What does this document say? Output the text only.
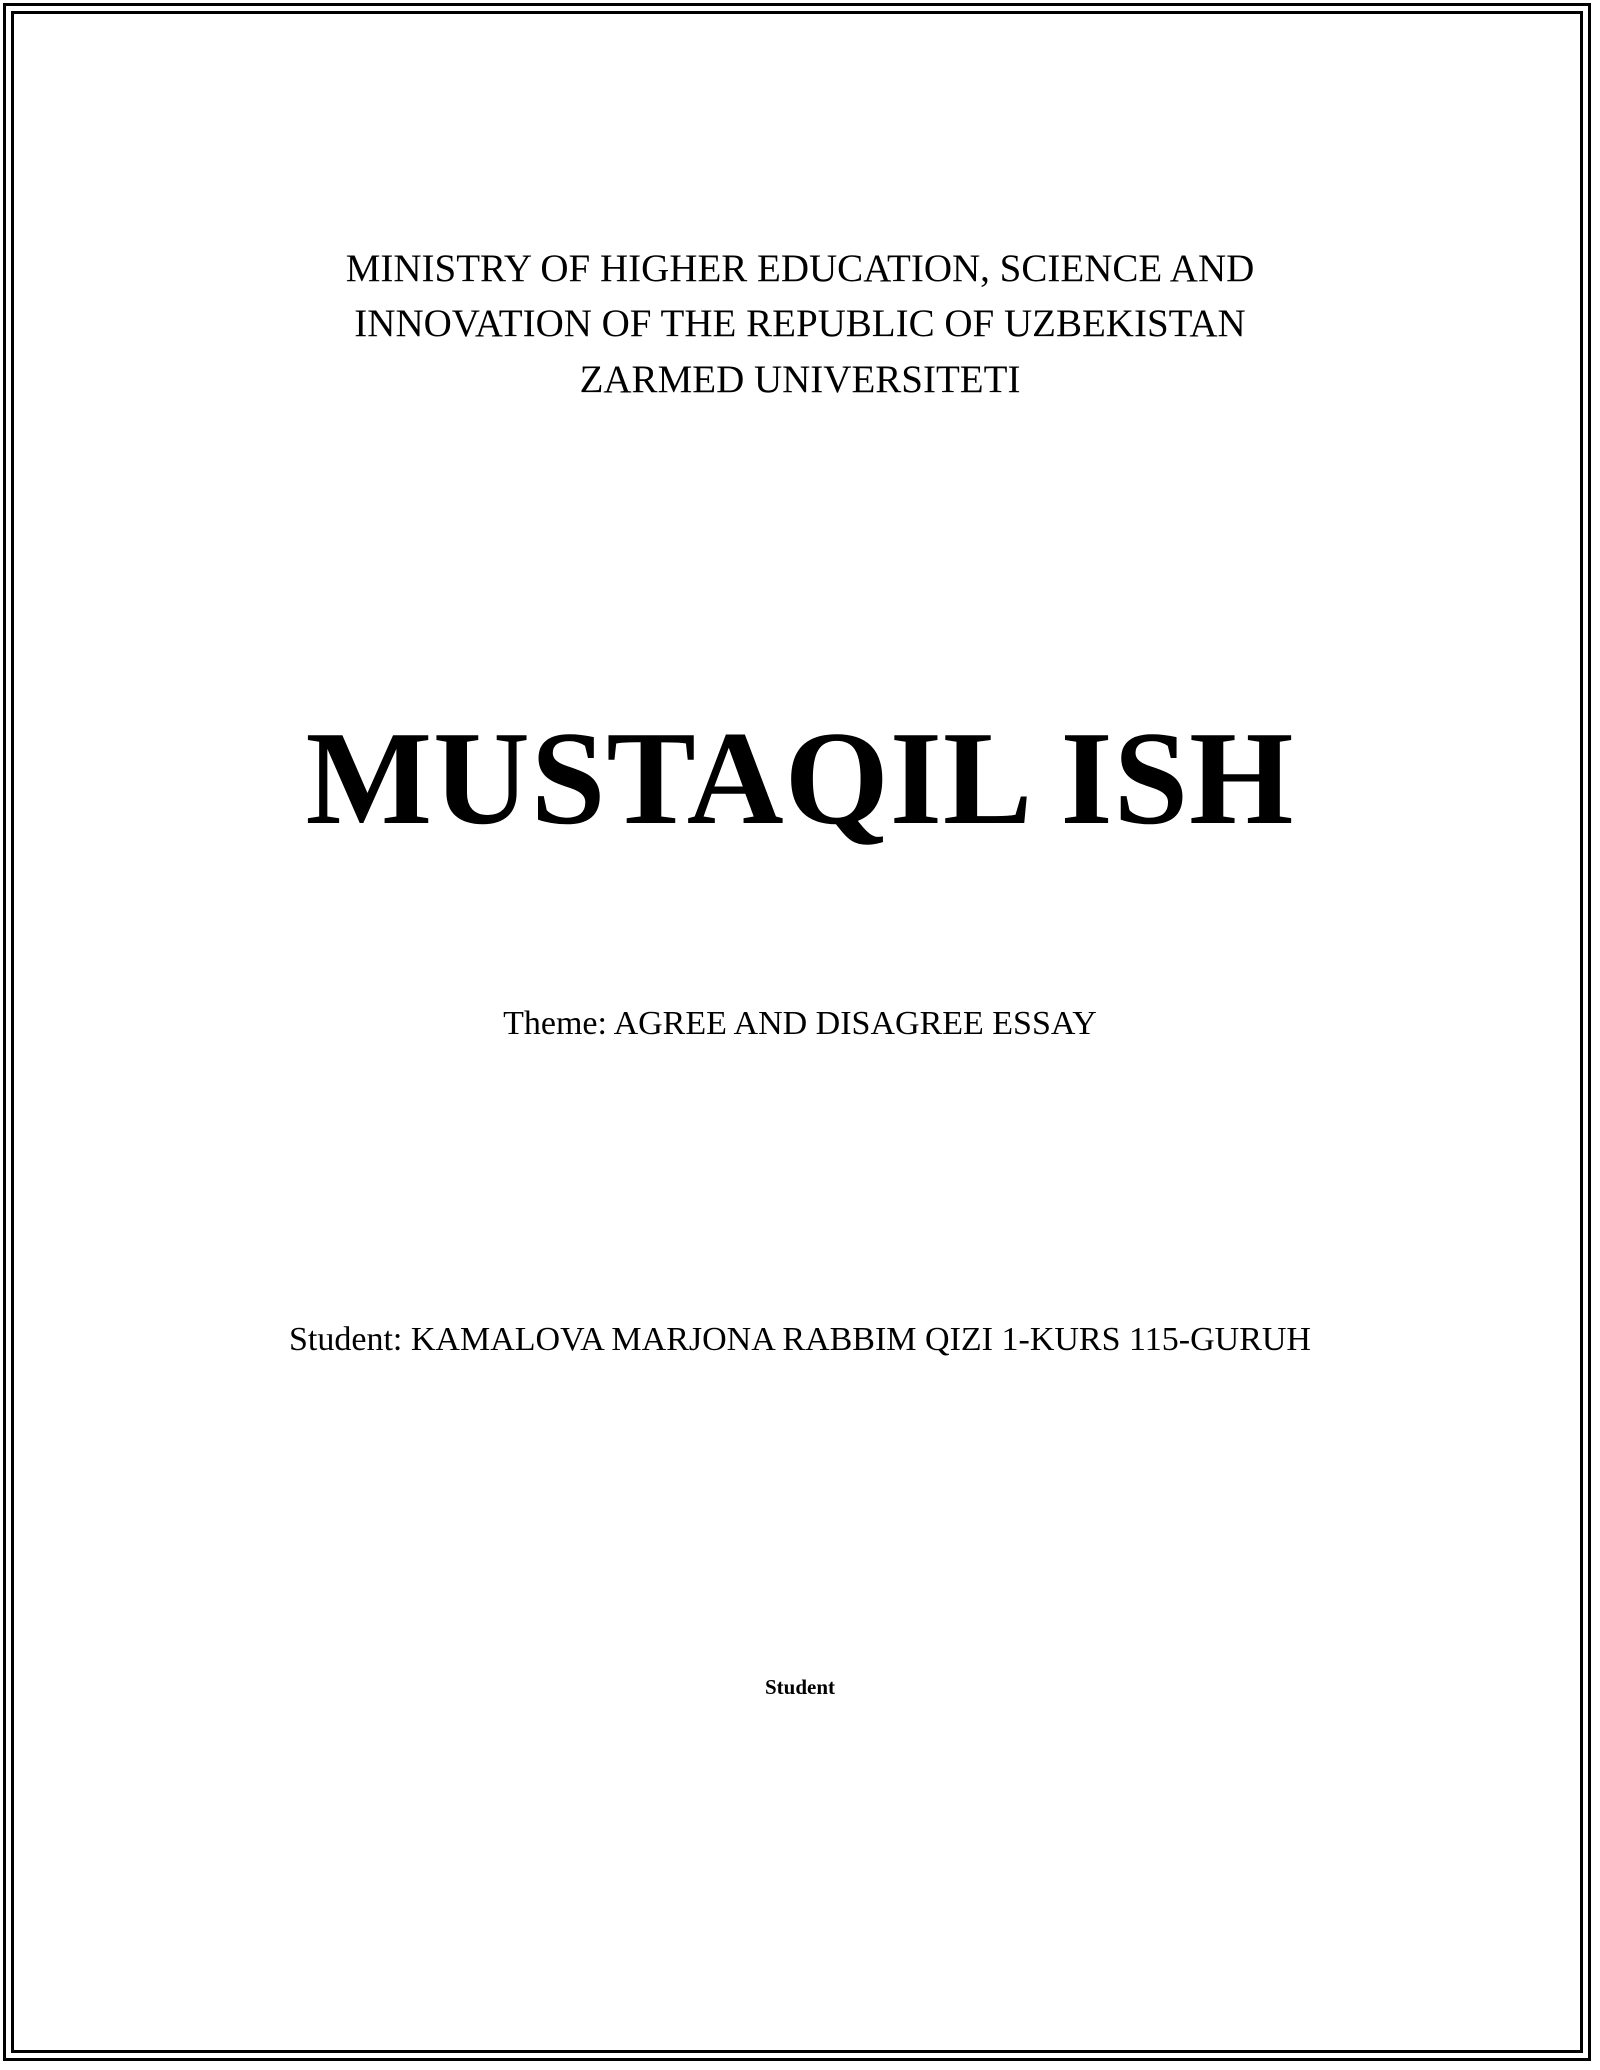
MINISTRY OF HIGHER EDUCATION, SCIENCE AND
INNOVATION OF THE REPUBLIC OF UZBEKISTAN
ZARMED UNIVERSITETI
MUSTAQIL ISH
Theme: AGREE AND DISAGREE ESSAY
Student: KAMALOVA MARJONA RABBIM QIZI 1-KURS 115-GURUH
Student
